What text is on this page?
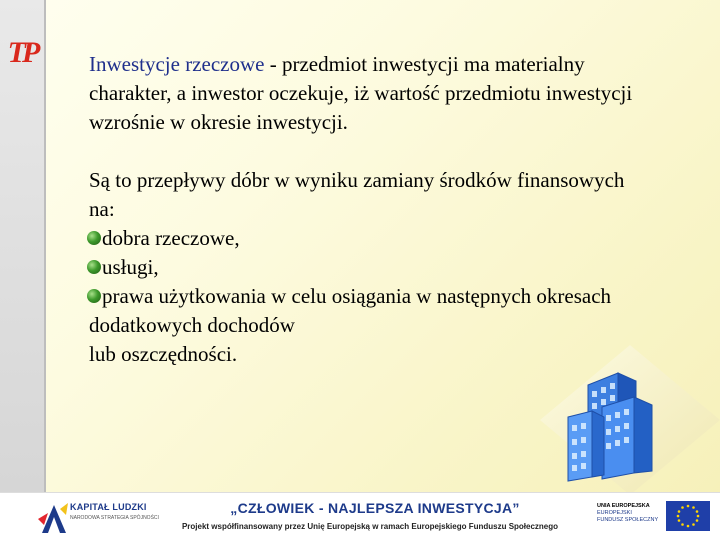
TP	Inwestycje rzeczowe - przedmiot inwestycji ma materialny charakter, a inwestor oczekuje, iż wartość przedmiotu inwestycji wzrośnie w okresie inwestycji.

Są to przepływy dóbr w wyniku zamiany środków finansowych na:

dobra rzeczowe,

usługi,

prawa użytkowania w celu osiągania w następnych okresach dodatkowych dochodów

lub oszczędności.

KAPITAŁ LUDZKI
NARODOWA STRATEGIA SPÓJNOŚCI
„CZŁOWIEK - NAJLEPSZA INWESTYCJA”
Projekt współfinansowany przez Unię Europejską w ramach Europejskiego Funduszu Społecznego
UNIA EUROPEJSKA
EUROPEJSKI
FUNDUSZ SPOŁECZNY
